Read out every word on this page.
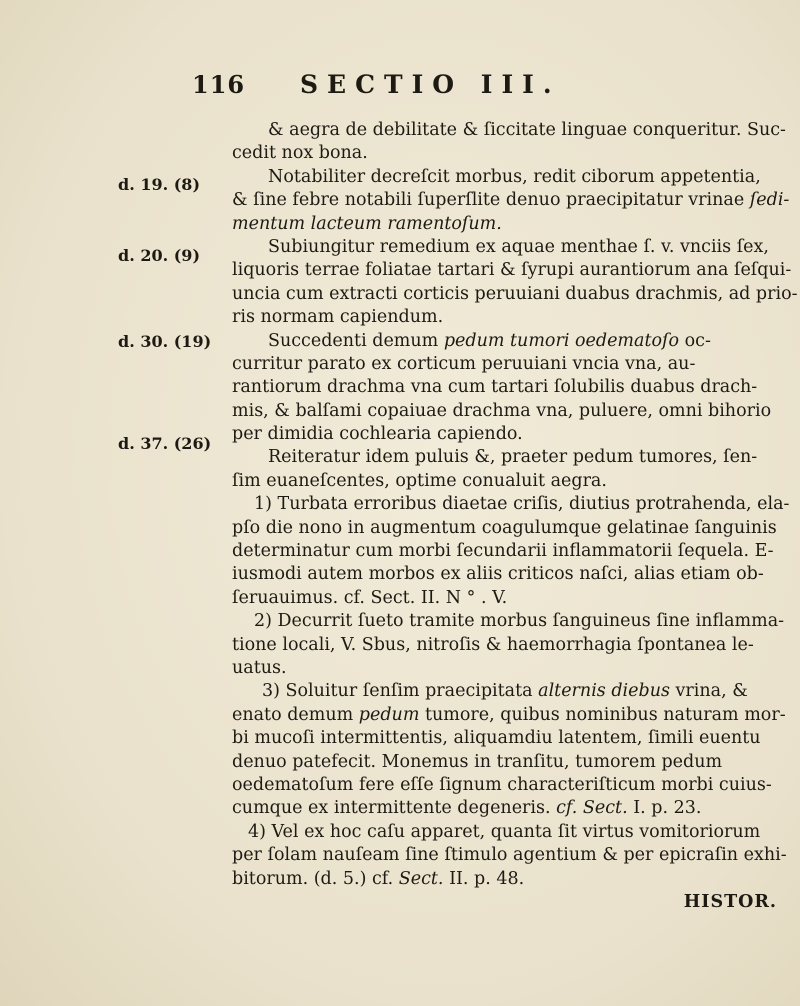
116 SECTIO III.
d. 19. (8)
d. 20. (9)
d. 30. (19)
d. 37. (26)
& aegra de debilitate & ſiccitate linguae conqueritur. Suc-
cedit nox bona.
Notabiliter decreſcit morbus, redit ciborum appetentia,
& ſine febre notabili ſuperſlite denuo praecipitatur vrinae ſedi-
mentum lacteum ramentoſum.
Subiungitur remedium ex aquae menthae ſ. v. vnciis ſex,
liquoris terrae foliatae tartari & ſyrupi aurantiorum ana ſeſqui-
uncia cum extracti corticis peruuiani duabus drachmis, ad prio-
ris normam capiendum.
Succedenti demum pedum tumori oedematoſo oc-
curritur parato ex corticum peruuiani vncia vna, au-
rantiorum drachma vna cum tartari ſolubilis duabus drach-
mis, & balſami copaiuae drachma vna, puluere, omni bihorio
per dimidia cochlearia capiendo.
Reiteratur idem puluis &, praeter pedum tumores, ſen-
ſim euaneſcentes, optime conualuit aegra.
1) Turbata erroribus diaetae criſis, diutius protrahenda, ela-
pſo die nono in augmentum coagulumque gelatinae ſanguinis
determinatur cum morbi ſecundarii inflammatorii ſequela. E-
iusmodi autem morbos ex aliis criticos naſci, alias etiam ob-
ſeruauimus. cf. Sect. II. N ° . V.
2) Decurrit ſueto tramite morbus ſanguineus ſine inflamma-
tione locali, V. Sbus, nitroſis & haemorrhagia ſpontanea le-
uatus.
3) Soluitur ſenſim praecipitata alternis diebus vrina, &
enato demum pedum tumore, quibus nominibus naturam mor-
bi mucoſi intermittentis, aliquamdiu latentem, ſimili euentu
denuo patefecit. Monemus in tranſitu, tumorem pedum
oedematoſum fere eſſe ſignum characteriſticum morbi cuius-
cumque ex intermittente degeneris. cf. Sect. I. p. 23.
4) Vel ex hoc caſu apparet, quanta ſit virtus vomitoriorum
per ſolam nauſeam ſine ſtimulo agentium & per epicraſin exhi-
bitorum. (d. 5.) cf. Sect. II. p. 48.
HISTOR.
